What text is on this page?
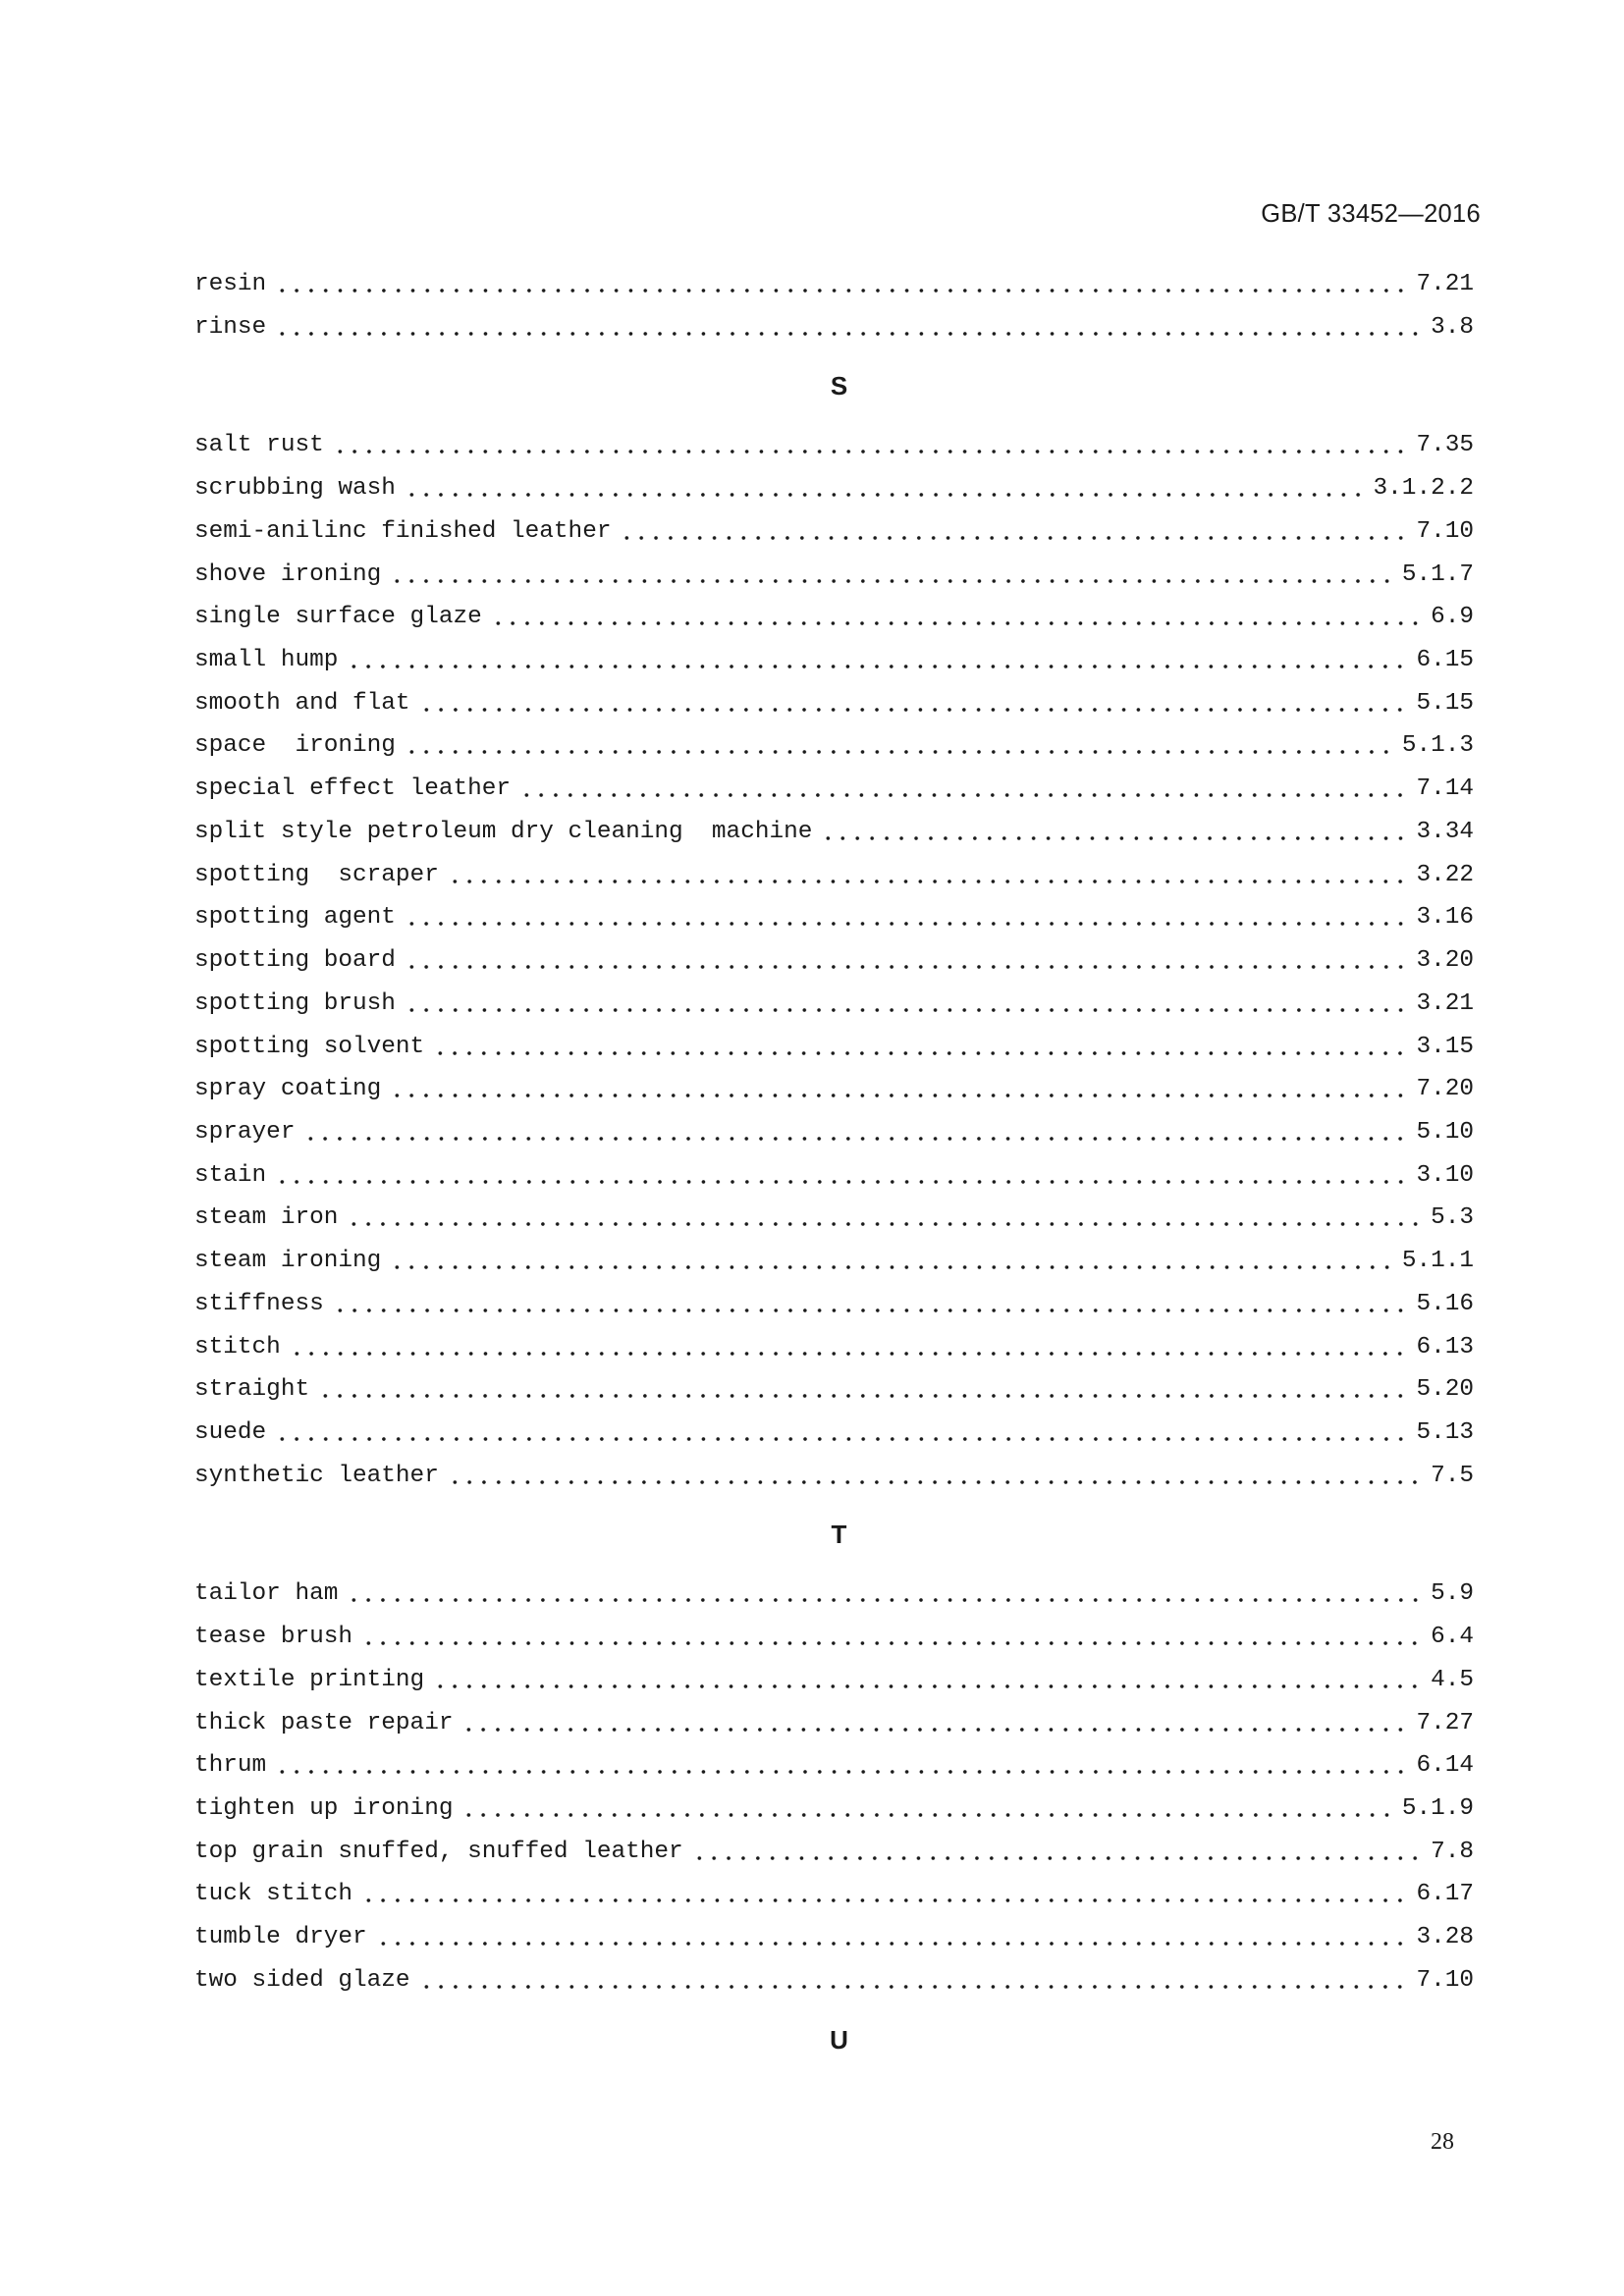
GB/T 33452—2016
resin	7.21
rinse	3.8
S
salt rust	7.35
scrubbing wash	3.1.2.2
semi-anilinc finished leather	7.10
shove ironing	5.1.7
single surface glaze	6.9
small hump	6.15
smooth and flat	5.15
space  ironing	5.1.3
special effect leather	7.14
split style petroleum dry cleaning  machine	3.34
spotting  scraper	3.22
spotting agent	3.16
spotting board	3.20
spotting brush	3.21
spotting solvent	3.15
spray coating	7.20
sprayer	5.10
stain	3.10
steam iron	5.3
steam ironing	5.1.1
stiffness	5.16
stitch	6.13
straight	5.20
suede	5.13
synthetic leather	7.5
T
tailor ham	5.9
tease brush	6.4
textile printing	4.5
thick paste repair	7.27
thrum	6.14
tighten up ironing	5.1.9
top grain snuffed, snuffed leather	7.8
tuck stitch	6.17
tumble dryer	3.28
two sided glaze	7.10
U
28
